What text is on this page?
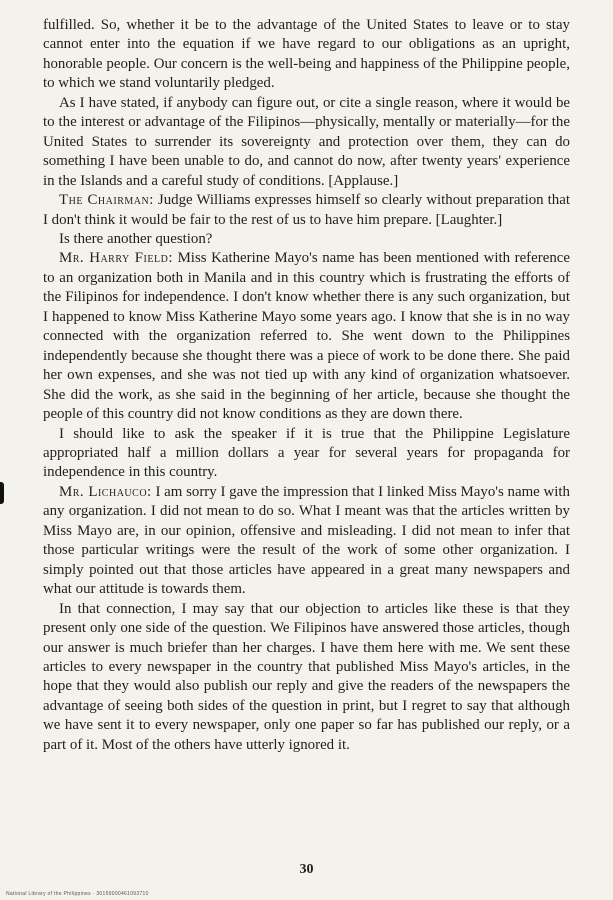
fulfilled. So, whether it be to the advantage of the United States to leave or to stay cannot enter into the equation if we have regard to our obligations as an upright, honorable people. Our concern is the well-being and happiness of the Philippine people, to which we stand voluntarily pledged.

As I have stated, if anybody can figure out, or cite a single reason, where it would be to the interest or advantage of the Filipinos—physically, mentally or materially—for the United States to surrender its sovereignty and protection over them, they can do something I have been unable to do, and cannot do now, after twenty years' experience in the Islands and a careful study of conditions. [Applause.]

The Chairman: Judge Williams expresses himself so clearly without preparation that I don't think it would be fair to the rest of us to have him prepare. [Laughter.]

Is there another question?

Mr. Harry Field: Miss Katherine Mayo's name has been mentioned with reference to an organization both in Manila and in this country which is frustrating the efforts of the Filipinos for independence. I don't know whether there is any such organization, but I happened to know Miss Katherine Mayo some years ago. I know that she is in no way connected with the organization referred to. She went down to the Philippines independently because she thought there was a piece of work to be done there. She paid her own expenses, and she was not tied up with any kind of organization whatsoever. She did the work, as she said in the beginning of her article, because she thought the people of this country did not know conditions as they are down there.

I should like to ask the speaker if it is true that the Philippine Legislature appropriated half a million dollars a year for several years for propaganda for independence in this country.

Mr. Lichauco: I am sorry I gave the impression that I linked Miss Mayo's name with any organization. I did not mean to do so. What I meant was that the articles written by Miss Mayo are, in our opinion, offensive and misleading. I did not mean to infer that those particular writings were the result of the work of some other organization. I simply pointed out that those articles have appeared in a great many newspapers and what our attitude is towards them.

In that connection, I may say that our objection to articles like these is that they present only one side of the question. We Filipinos have answered those articles, though our answer is much briefer than her charges. I have them here with me. We sent these articles to every newspaper in the country that published Miss Mayo's articles, in the hope that they would also publish our reply and give the readers of the newspapers the advantage of seeing both sides of the question in print, but I regret to say that although we have sent it to every newspaper, only one paper so far has published our reply, or a part of it. Most of the others have utterly ignored it.

30
National Library of the Philippines · 30159000461093710
